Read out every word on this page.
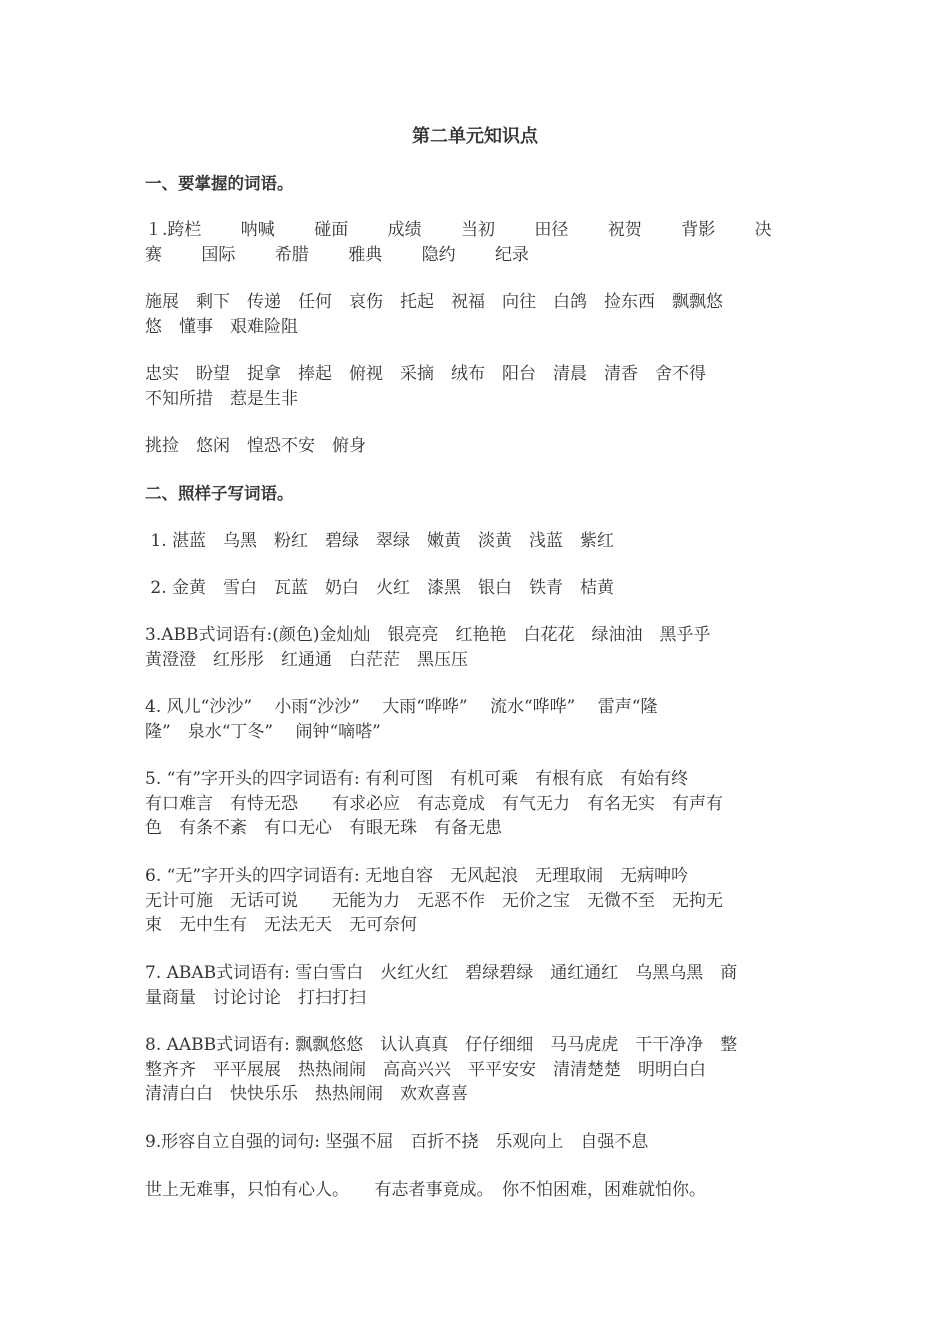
第二单元知识点
一、要掌握的词语。
１.跨栏　　 呐喊　　 碰面　　 成绩　　 当初　　 田径　　 祝贺　　 背影　　 决
赛　　 国际　　 希腊　　 雅典　　 隐约　　 纪录
施展　剩下　传递　任何　哀伤　托起　祝福　向往　白鸽　捡东西　飘飘悠
悠　懂事　艰难险阻
忠实　盼望　捉拿　捧起　俯视　采摘　绒布　阳台　清晨　清香　舍不得
不知所措　惹是生非
挑捡　悠闲　惶恐不安　俯身
二、照样子写词语。
1. 湛蓝　乌黑　粉红　碧绿　翠绿　嫩黄　淡黄　浅蓝　紫红
2. 金黄　雪白　瓦蓝　奶白　火红　漆黑　银白　铁青　桔黄
3.ABB式词语有:(颜色)金灿灿　银亮亮　红艳艳　白花花　绿油油　黑乎乎
黄澄澄　红彤彤　红通通　白茫茫　黑压压
4. 风儿“沙沙”　 小雨“沙沙”　 大雨“哗哗”　 流水“哗哗”　 雷声“隆
隆”　泉水“丁冬”　 闹钟“嘀嗒”
5. “有”字开头的四字词语有: 有利可图　有机可乘　有根有底　有始有终
有口难言　有恃无恐　　有求必应　有志竟成　有气无力　有名无实　有声有
色　有条不紊　有口无心　有眼无珠　有备无患
6. “无”字开头的四字词语有: 无地自容　无风起浪　无理取闹　无病呻吟
无计可施　无话可说　　无能为力　无恶不作　无价之宝　无微不至　无拘无
束　无中生有　无法无天　无可奈何
7. ABAB式词语有: 雪白雪白　火红火红　碧绿碧绿　通红通红　乌黑乌黑　商
量商量　讨论讨论　打扫打扫
8. AABB式词语有: 飘飘悠悠　认认真真　仔仔细细　马马虎虎　干干净净　整
整齐齐　平平展展　热热闹闹　高高兴兴　平平安安　清清楚楚　明明白白
清清白白　快快乐乐　热热闹闹　欢欢喜喜
9.形容自立自强的词句: 坚强不屈　百折不挠　乐观向上　自强不息
世上无难事，只怕有心人。　　有志者事竟成。　你不怕困难，困难就怕你。
